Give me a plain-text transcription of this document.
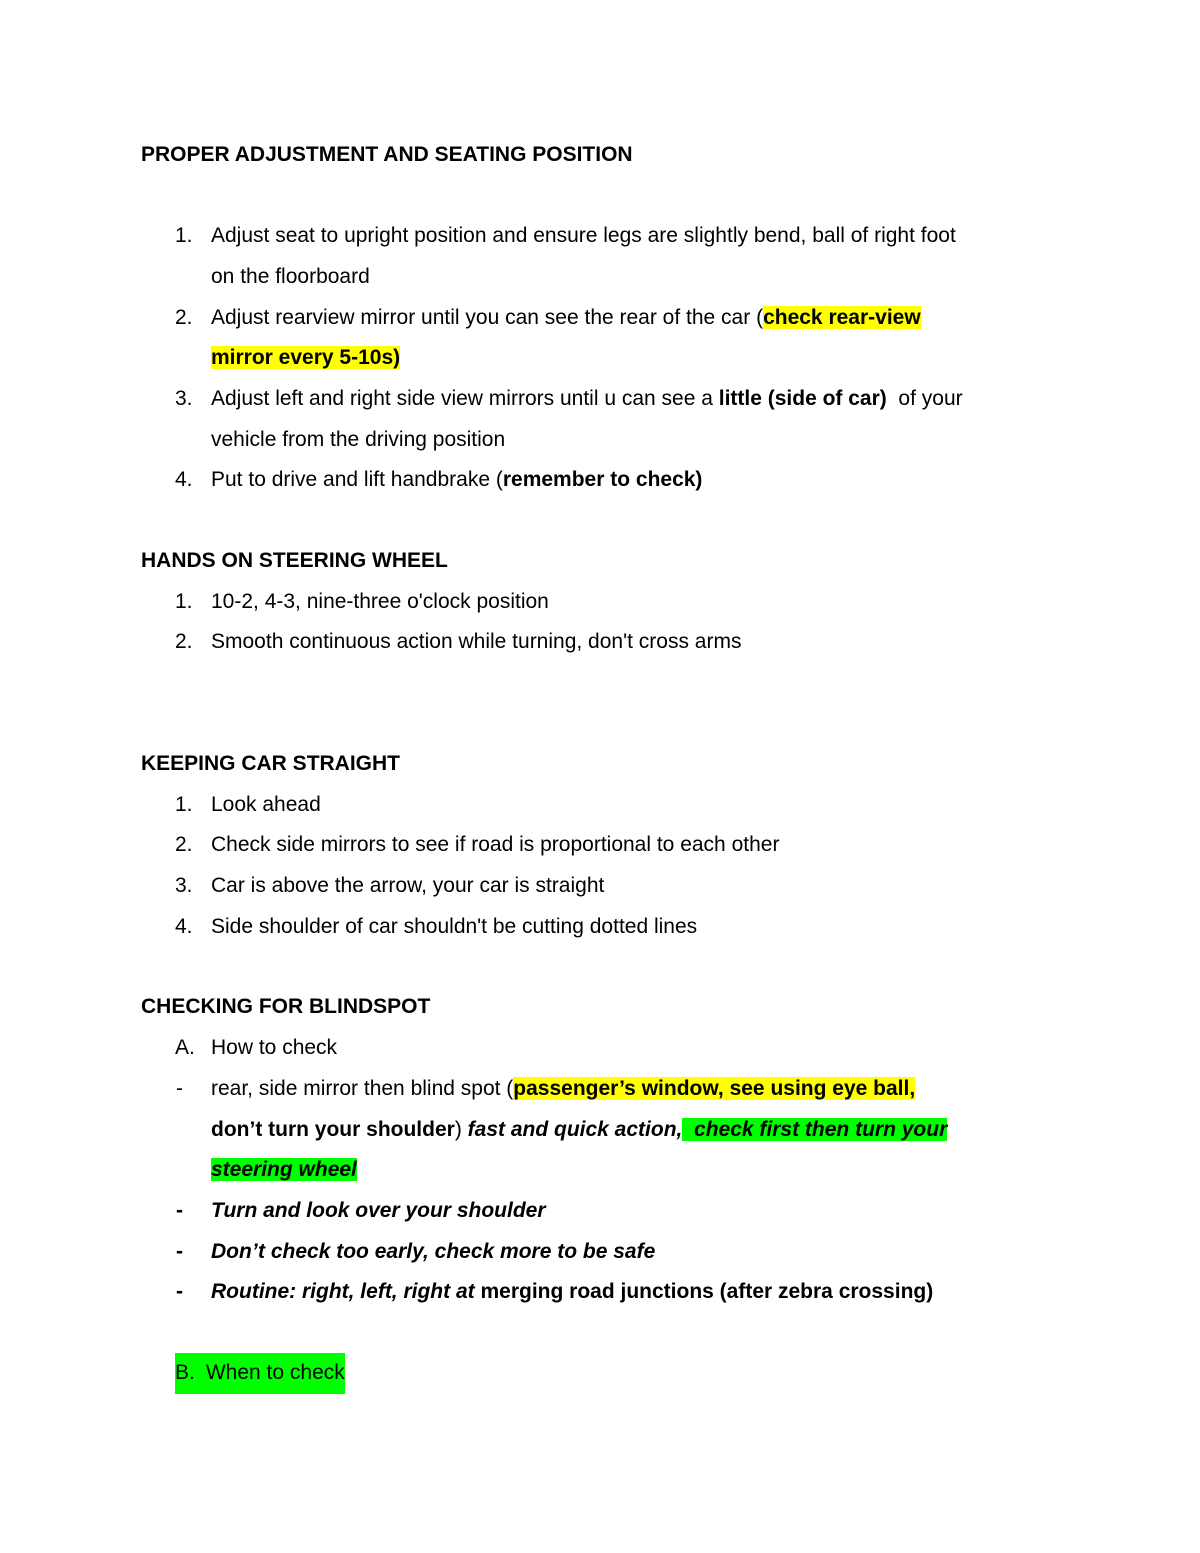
PROPER ADJUSTMENT AND SEATING POSITION
1. Adjust seat to upright position and ensure legs are slightly bend, ball of right foot
on the floorboard
2. Adjust rearview mirror until you can see the rear of the car (check rear-view
mirror every 5-10s)
3. Adjust left and right side view mirrors until u can see a little (side of car)  of your
vehicle from the driving position
4. Put to drive and lift handbrake (remember to check)
HANDS ON STEERING WHEEL
1. 10-2, 4-3, nine-three o'clock position
2. Smooth continuous action while turning, don't cross arms
KEEPING CAR STRAIGHT
1. Look ahead
2. Check side mirrors to see if road is proportional to each other
3. Car is above the arrow, your car is straight
4. Side shoulder of car shouldn't be cutting dotted lines
CHECKING FOR BLINDSPOT
A. How to check
- rear, side mirror then blind spot (passenger’s window, see using eye ball,
don’t turn your shoulder) fast and quick action,  check first then turn your
steering wheel
- Turn and look over your shoulder
- Don’t check too early, check more to be safe
- Routine: right, left, right at merging road junctions (after zebra crossing)
B. When to check
